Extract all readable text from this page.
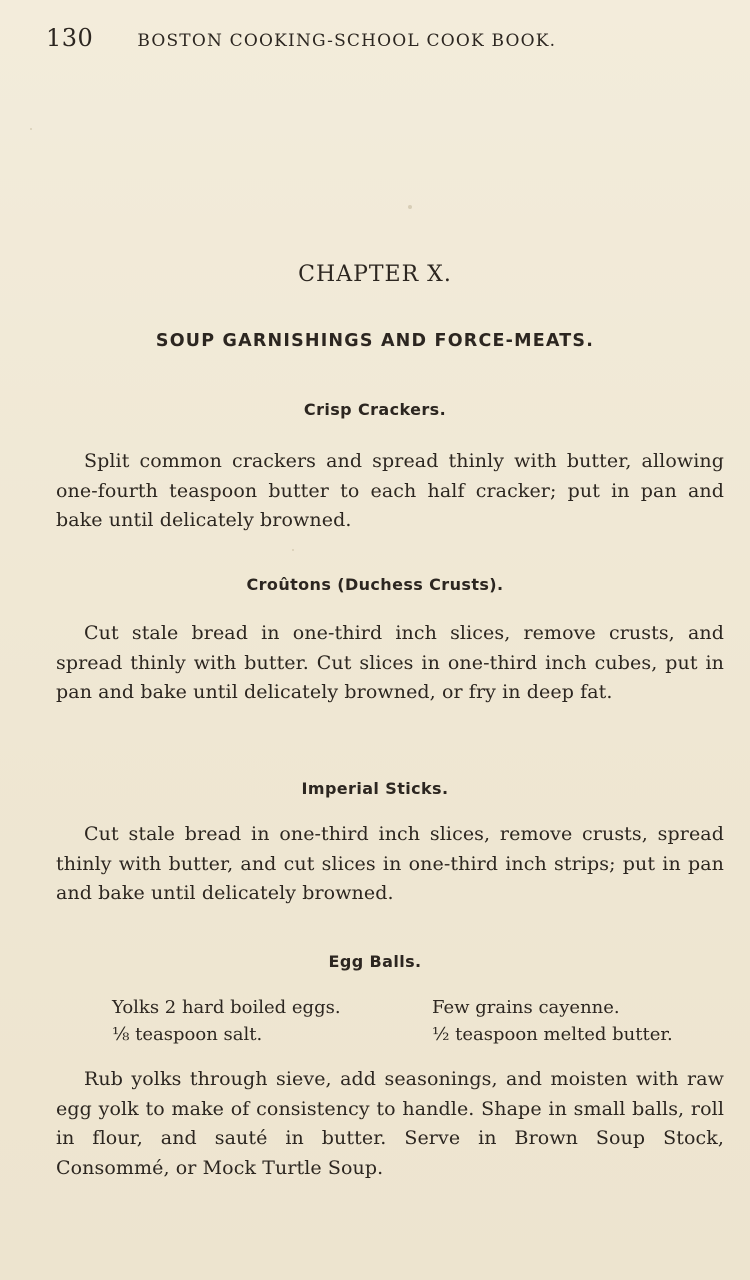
130	BOSTON COOKING-SCHOOL COOK BOOK.
CHAPTER X.
SOUP GARNISHINGS AND FORCE-MEATS.
Crisp Crackers.
Split common crackers and spread thinly with butter, allowing one-fourth teaspoon butter to each half cracker; put in pan and bake until delicately browned.
Croûtons (Duchess Crusts).
Cut stale bread in one-third inch slices, remove crusts, and spread thinly with butter. Cut slices in one-third inch cubes, put in pan and bake until delicately browned, or fry in deep fat.
Imperial Sticks.
Cut stale bread in one-third inch slices, remove crusts, spread thinly with butter, and cut slices in one-third inch strips; put in pan and bake until delicately browned.
Egg Balls.
Yolks 2 hard boiled eggs.	Few grains cayenne.
⅛ teaspoon salt.	½ teaspoon melted butter.
Rub yolks through sieve, add seasonings, and moisten with raw egg yolk to make of consistency to handle. Shape in small balls, roll in flour, and sauté in butter. Serve in Brown Soup Stock, Consommé, or Mock Turtle Soup.
